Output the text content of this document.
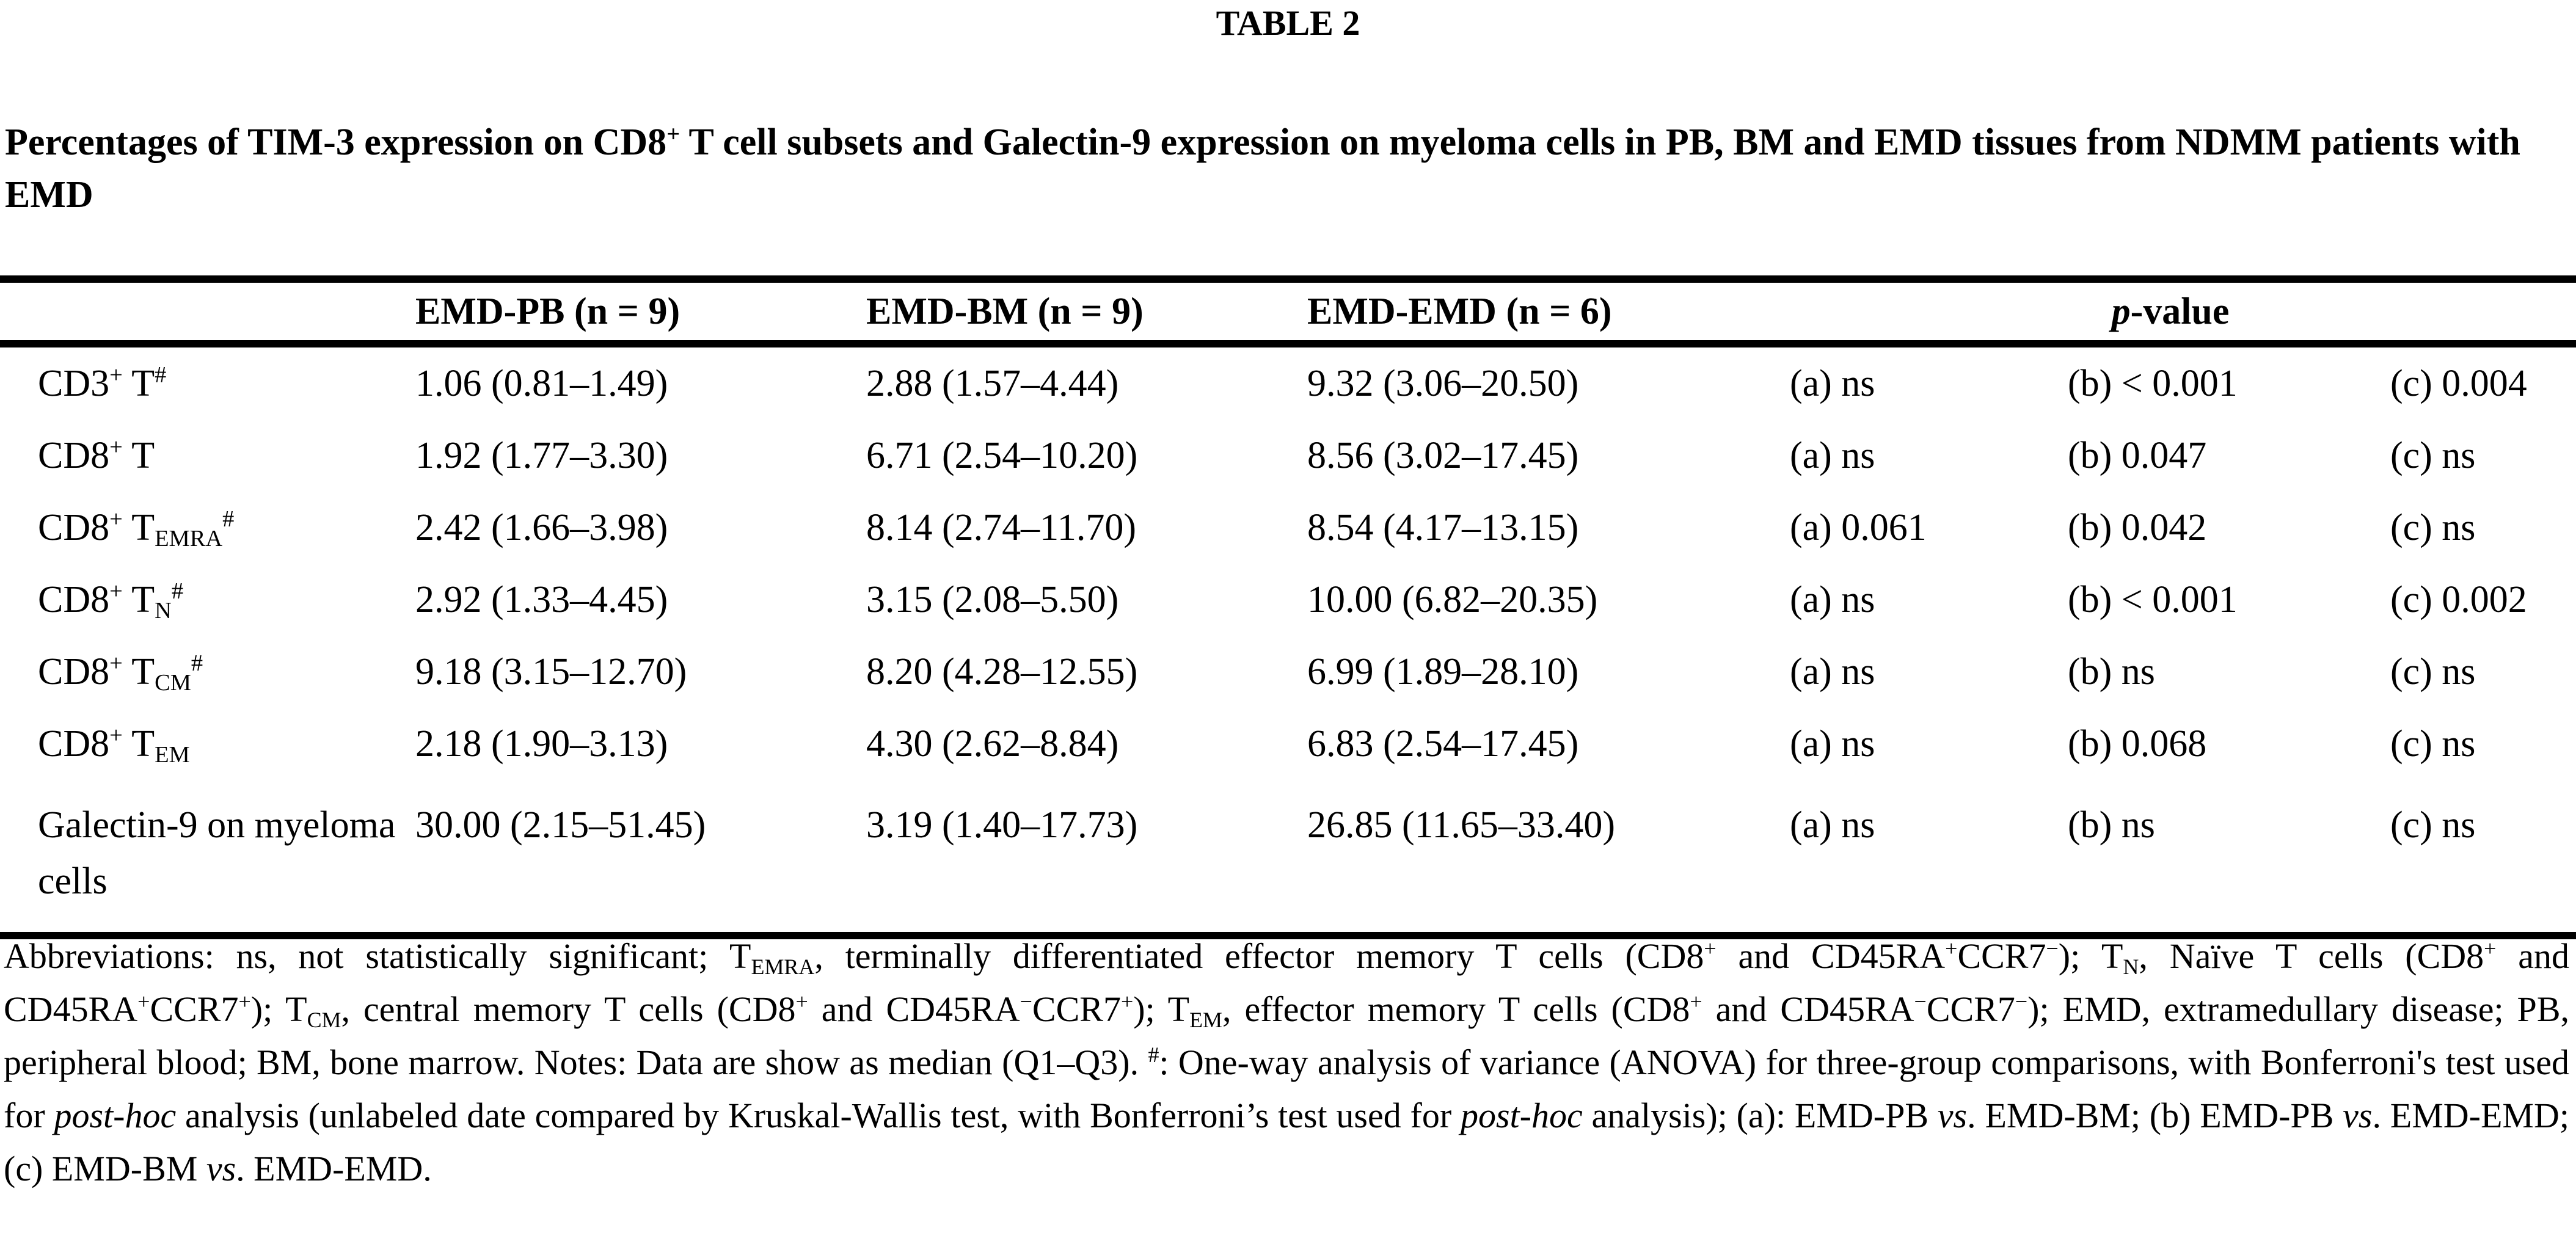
TABLE 2
Percentages of TIM-3 expression on CD8+ T cell subsets and Galectin-9 expression on myeloma cells in PB, BM and EMD tissues from NDMM patients with EMD
	EMD-PB (n = 9)	EMD-BM (n = 9)	EMD-EMD (n = 6)	p-value		
CD3+ T#	1.06 (0.81–1.49)	2.88 (1.57–4.44)	9.32 (3.06–20.50)	(a) ns	(b) < 0.001	(c) 0.004
CD8+ T	1.92 (1.77–3.30)	6.71 (2.54–10.20)	8.56 (3.02–17.45)	(a) ns	(b) 0.047	(c) ns
CD8+ $T_{EMRA}^{\#}$	2.42 (1.66–3.98)	8.14 (2.74–11.70)	8.54 (4.17–13.15)	(a) 0.061	(b) 0.042	(c) ns
CD8+ $T_N^{\#}$	2.92 (1.33–4.45)	3.15 (2.08–5.50)	10.00 (6.82–20.35)	(a) ns	(b) < 0.001	(c) 0.002
CD8+ $T_{CM}^{\#}$	9.18 (3.15–12.70)	8.20 (4.28–12.55)	6.99 (1.89–28.10)	(a) ns	(b) ns	(c) ns
CD8+ $T_{EM}$	2.18 (1.90–3.13)	4.30 (2.62–8.84)	6.83 (2.54–17.45)	(a) ns	(b) 0.068	(c) ns
Galectin-9 on myeloma cells	30.00 (2.15–51.45)	3.19 (1.40–17.73)	26.85 (11.65–33.40)	(a) ns	(b) ns	(c) ns
Abbreviations: ns, not statistically significant; $T_{EMRA}$, terminally differentiated effector memory T cells (CD8+ and CD45RA+CCR7−); $T_N$, Naïve T cells (CD8+ and CD45RA+CCR7+); $T_{CM}$, central memory T cells (CD8+ and CD45RA−CCR7+); $T_{EM}$, effector memory T cells (CD8+ and CD45RA−CCR7−); EMD, extramedullary disease; PB, peripheral blood; BM, bone marrow. Notes: Data are show as median (Q1–Q3). #: One-way analysis of variance (ANOVA) for three-group comparisons, with Bonferroni's test used for post-hoc analysis (unlabeled date compared by Kruskal-Wallis test, with Bonferroni’s test used for post-hoc analysis); (a): EMD-PB vs. EMD-BM; (b) EMD-PB vs. EMD-EMD; (c) EMD-BM vs. EMD-EMD.
